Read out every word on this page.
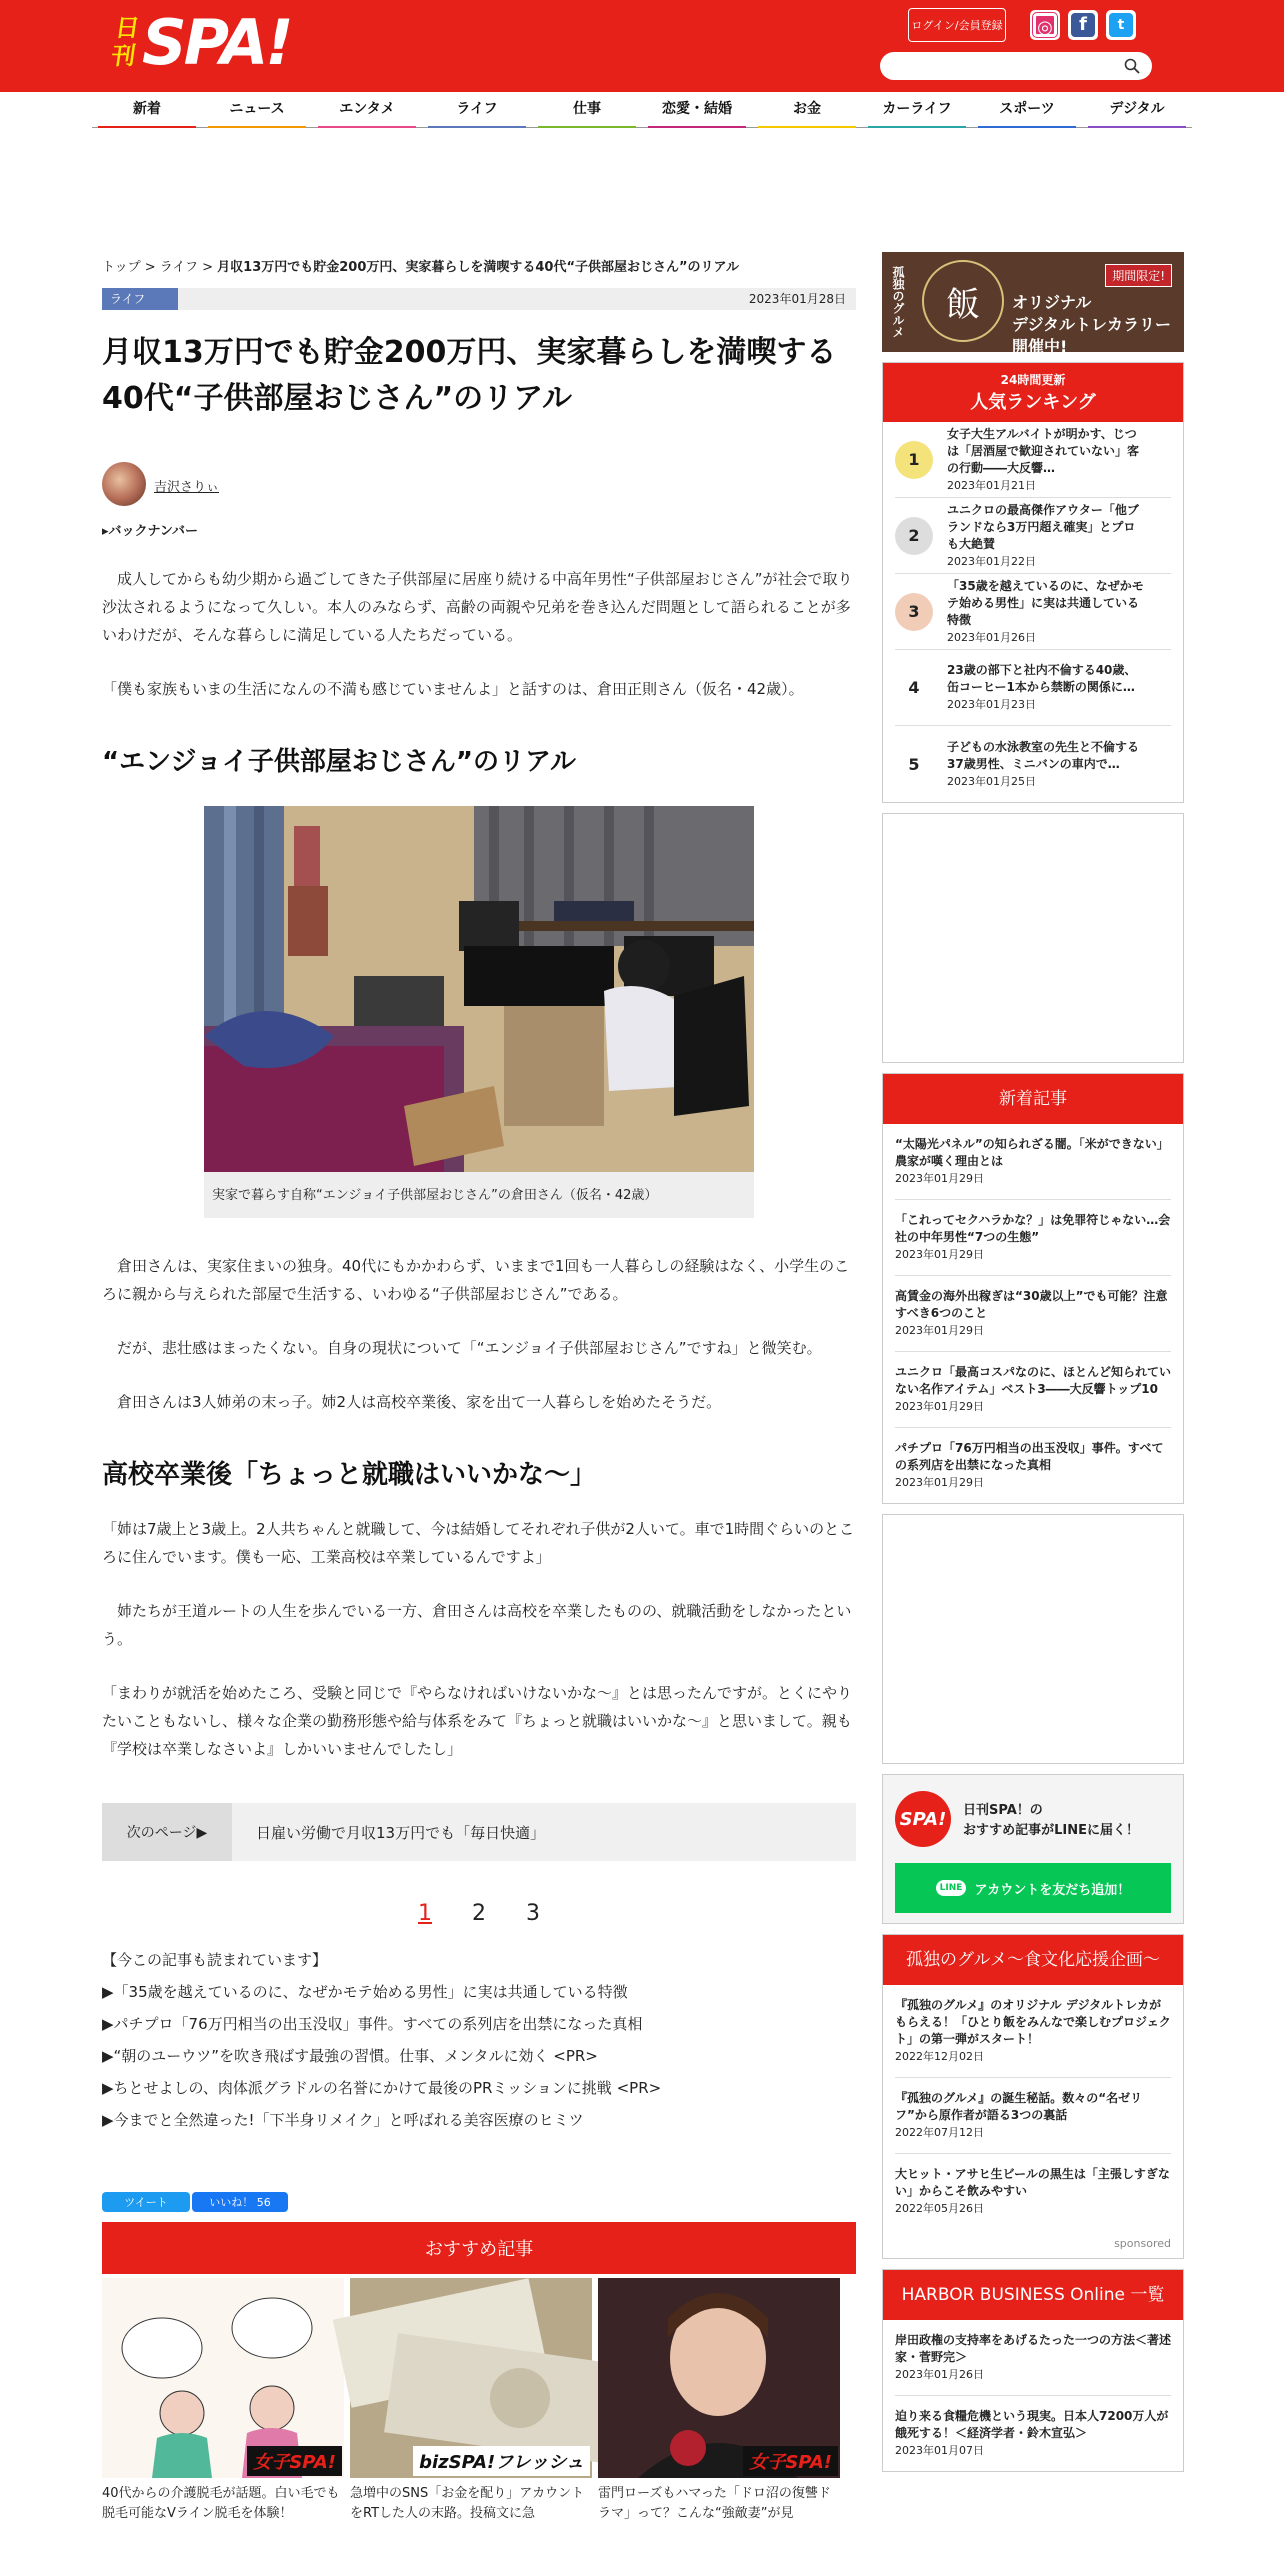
日刊 SPA!	ログイン/会員登録 ◎	f	t
新着	ニュース	エンタメ	ライフ	仕事	恋愛・結婚	お金	カーライフ	スポーツ	デジタル
トップ > ライフ > 月収13万円でも貯金200万円、実家暮らしを満喫する40代“子供部屋おじさん”のリアル
ライフ	2023年01月28日
月収13万円でも貯金200万円、実家暮らしを満喫する40代“子供部屋おじさん”のリアル
吉沢さりぃ
▸バックナンバー

成人してからも幼少期から過ごしてきた子供部屋に居座り続ける中高年男性“子供部屋おじさん”が社会で取り沙汰されるようになって久しい。本人のみならず、高齢の両親や兄弟を巻き込んだ問題として語られることが多いわけだが、そんな暮らしに満足している人たちだっている。

「僕も家族もいまの生活になんの不満も感じていませんよ」と話すのは、倉田正則さん（仮名・42歳）。

“エンジョイ子供部屋おじさん”のリアル
実家で暮らす自称“エンジョイ子供部屋おじさん”の倉田さん（仮名・42歳）

倉田さんは、実家住まいの独身。40代にもかかわらず、いままで1回も一人暮らしの経験はなく、小学生のころに親から与えられた部屋で生活する、いわゆる“子供部屋おじさん”である。

だが、悲壮感はまったくない。自身の現状について「“エンジョイ子供部屋おじさん”ですね」と微笑む。

倉田さんは3人姉弟の末っ子。姉2人は高校卒業後、家を出て一人暮らしを始めたそうだ。

高校卒業後「ちょっと就職はいいかな〜」

「姉は7歳上と3歳上。2人共ちゃんと就職して、今は結婚してそれぞれ子供が2人いて。車で1時間ぐらいのところに住んでいます。僕も一応、工業高校は卒業しているんですよ」

姉たちが王道ルートの人生を歩んでいる一方、倉田さんは高校を卒業したものの、就職活動をしなかったという。

「まわりが就活を始めたころ、受験と同じで『やらなければいけないかな〜』とは思ったんですが。とくにやりたいこともないし、様々な企業の勤務形態や給与体系をみて『ちょっと就職はいいかな〜』と思いまして。親も『学校は卒業しなさいよ』しかいいませんでしたし」

次のページ▶	日雇い労働で月収13万円でも「毎日快適」
1 2 3
【今この記事も読まれています】
▶「35歳を越えているのに、なぜかモテ始める男性」に実は共通している特徴
▶パチプロ「76万円相当の出玉没収」事件。すべての系列店を出禁になった真相
▶“朝のユーウツ”を吹き飛ばす最強の習慣。仕事、メンタルに効く <PR>
▶ちとせよしの、肉体派グラドルの名誉にかけて最後のPRミッションに挑戦 <PR>
▶今までと全然違った!「下半身リメイク」と呼ばれる美容医療のヒミツ
ツイート	いいね！ 56
おすすめ記事
女子SPA!
40代からの介護脱毛が話題。白い毛でも脱毛可能なVライン脱毛を体験！
bizSPA!フレッシュ
急増中のSNS「お金を配り」アカウントをRTした人の末路。投稿文に急
女子SPA!
雷門ローズもハマった「ドロ沼の復讐ドラマ」って？こんな“強敵妻”が見
孤独のグルメ	飯
期間限定!
オリジナル
デジタルトレカラリー
開催中!
24時間更新
人気ランキング
1
女子大生アルバイトが明かす、じつは「居酒屋で歓迎されていない」客の行動――大反響…
2023年01月21日
2
ユニクロの最高傑作アウター「他ブランドなら3万円超え確実」とプロも大絶賛
2023年01月22日
3
「35歳を越えているのに、なぜかモテ始める男性」に実は共通している特徴
2023年01月26日
4
23歳の部下と社内不倫する40歳、缶コーヒー1本から禁断の関係に…
2023年01月23日
5
子どもの水泳教室の先生と不倫する37歳男性、ミニバンの車内で…
2023年01月25日
新着記事
“太陽光パネル”の知られざる闇。「米ができない」農家が嘆く理由とは
2023年01月29日
「これってセクハラかな？」は免罪符じゃない…会社の中年男性“7つの生態”
2023年01月29日
高賃金の海外出稼ぎは“30歳以上”でも可能？注意すべき6つのこと
2023年01月29日
ユニクロ「最高コスパなのに、ほとんど知られていない名作アイテム」ベスト3――大反響トップ10
2023年01月29日
パチプロ「76万円相当の出玉没収」事件。すべての系列店を出禁になった真相
2023年01月29日
SPA!	日刊SPA！の
おすすめ記事がLINEに届く！
LINE アカウントを友だち追加！
孤独のグルメ～食文化応援企画～
『孤独のグルメ』のオリジナル デジタルトレカがもらえる！「ひとり飯をみんなで楽しむプロジェクト」の第一弾がスタート！
2022年12月02日
『孤独のグルメ』の誕生秘話。数々の“名ゼリフ”から原作者が語る3つの裏話
2022年07月12日
大ヒット・アサヒ生ビールの黒生は「主張しすぎない」からこそ飲みやすい
2022年05月26日
sponsored
HARBOR BUSINESS Online 一覧
岸田政権の支持率をあげるたった一つの方法＜著述家・菅野完＞
2023年01月26日
迫り来る食糧危機という現実。日本人7200万人が餓死する！＜経済学者・鈴木宣弘＞
2023年01月07日
